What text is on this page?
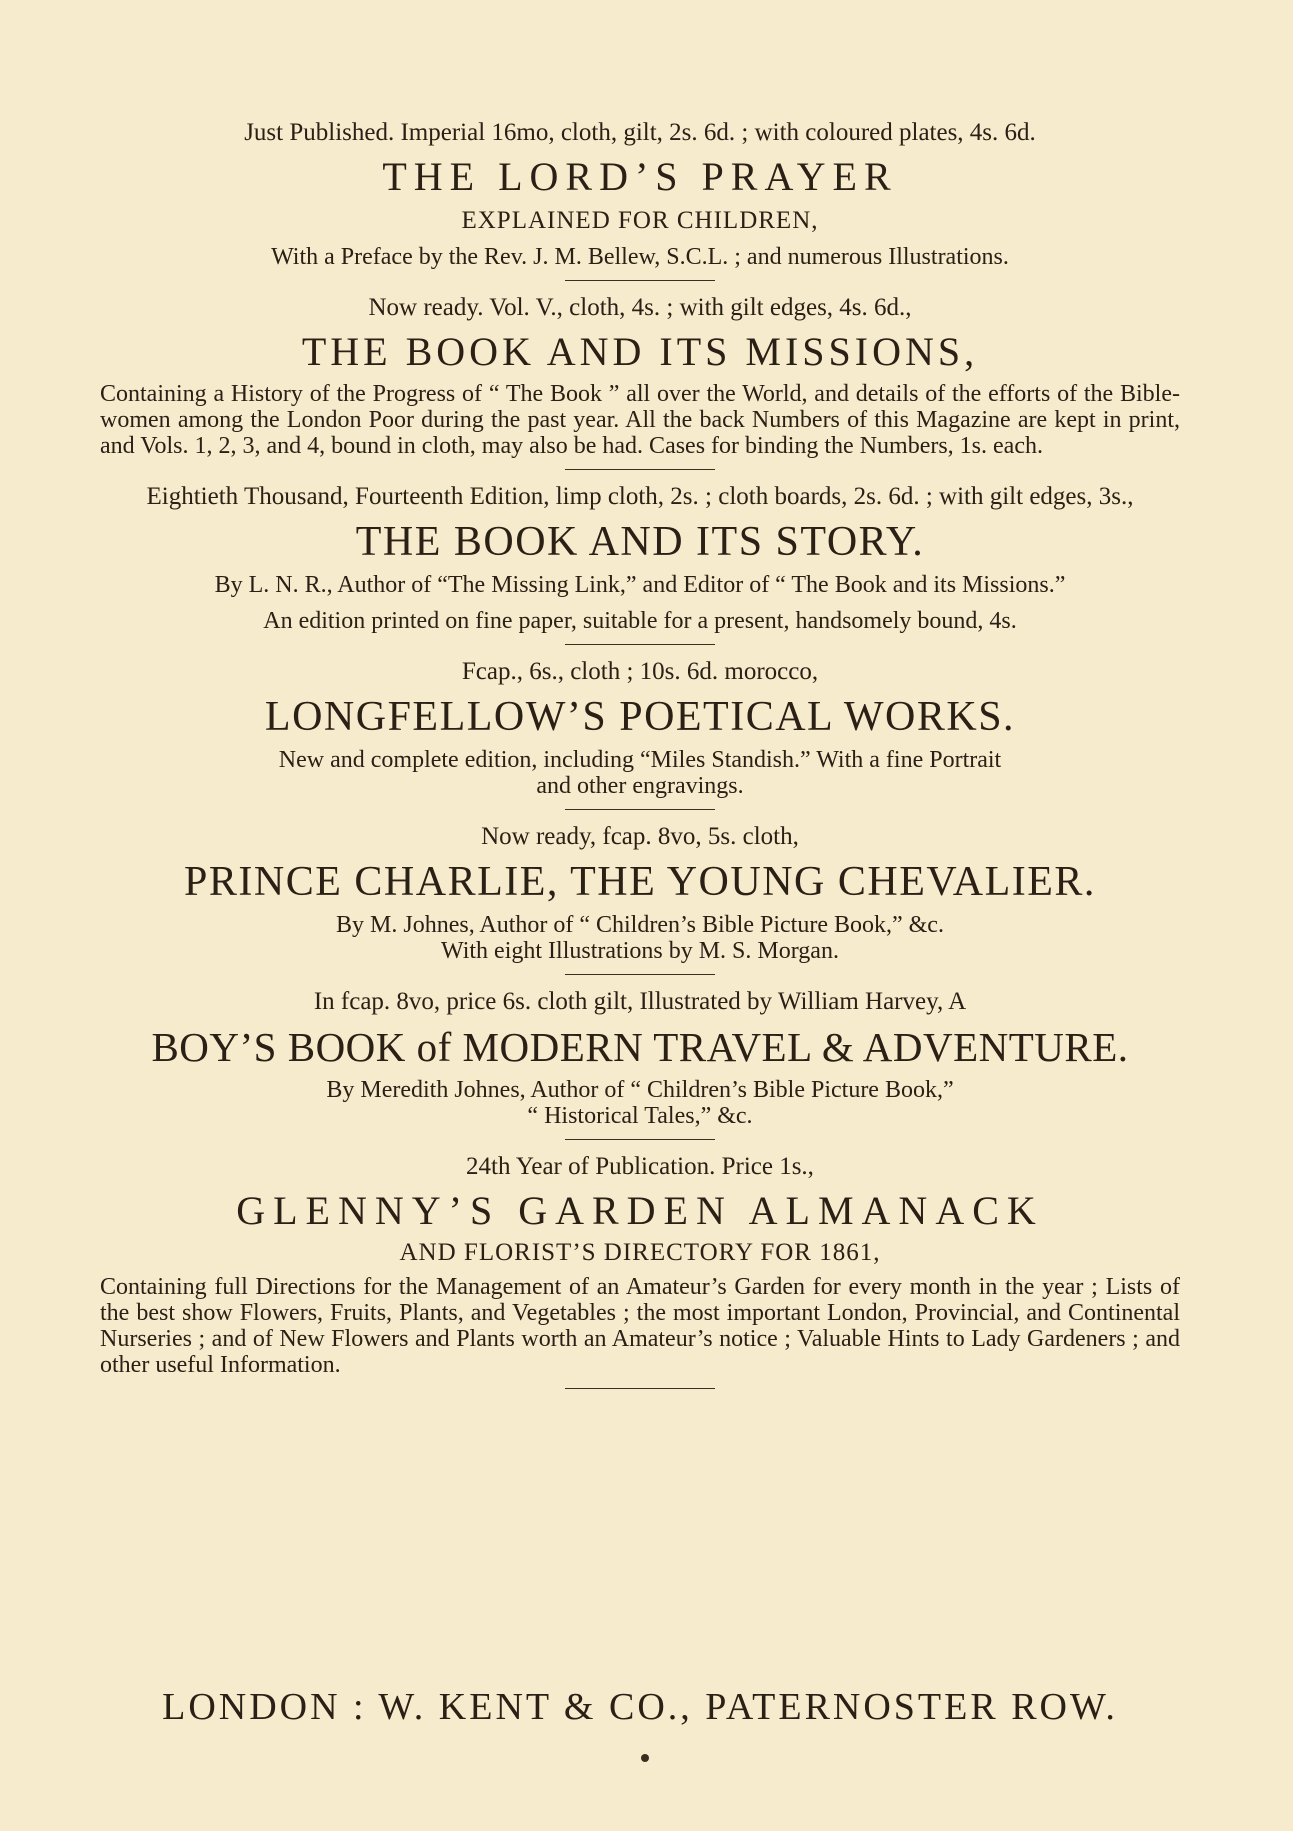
Just Published. Imperial 16mo, cloth, gilt, 2s. 6d. ; with coloured plates, 4s. 6d.

THE LORD’S PRAYER

EXPLAINED FOR CHILDREN,

With a Preface by the Rev. J. M. Bellew, S.C.L. ; and numerous Illustrations.

Now ready. Vol. V., cloth, 4s. ; with gilt edges, 4s. 6d.,

THE BOOK AND ITS MISSIONS,

Containing a History of the Progress of “ The Book ” all over the World, and details of the efforts of the Bible-women among the London Poor during the past year. All the back Numbers of this Magazine are kept in print, and Vols. 1, 2, 3, and 4, bound in cloth, may also be had. Cases for binding the Numbers, 1s. each.

Eightieth Thousand, Fourteenth Edition, limp cloth, 2s. ; cloth boards, 2s. 6d. ; with gilt edges, 3s.,

THE BOOK AND ITS STORY.

By L. N. R., Author of “The Missing Link,” and Editor of “ The Book and its Missions.”

An edition printed on fine paper, suitable for a present, handsomely bound, 4s.

Fcap., 6s., cloth ; 10s. 6d. morocco,

LONGFELLOW’S POETICAL WORKS.

New and complete edition, including “Miles Standish.” With a fine Portrait and other engravings.

Now ready, fcap. 8vo, 5s. cloth,

PRINCE CHARLIE, THE YOUNG CHEVALIER.

By M. Johnes, Author of “ Children’s Bible Picture Book,” &c.

With eight Illustrations by M. S. Morgan.

In fcap. 8vo, price 6s. cloth gilt, Illustrated by William Harvey, A

BOY’S BOOK of MODERN TRAVEL & ADVENTURE.

By Meredith Johnes, Author of “ Children’s Bible Picture Book,”

“ Historical Tales,” &c.

24th Year of Publication. Price 1s.,

GLENNY’S GARDEN ALMANACK

AND FLORIST’S DIRECTORY FOR 1861,

Containing full Directions for the Management of an Amateur’s Garden for every month in the year ; Lists of the best show Flowers, Fruits, Plants, and Vegetables ; the most important London, Provincial, and Continental Nurseries ; and of New Flowers and Plants worth an Amateur’s notice ; Valuable Hints to Lady Gardeners ; and other useful Information.

LONDON : W. KENT & CO., PATERNOSTER ROW.
